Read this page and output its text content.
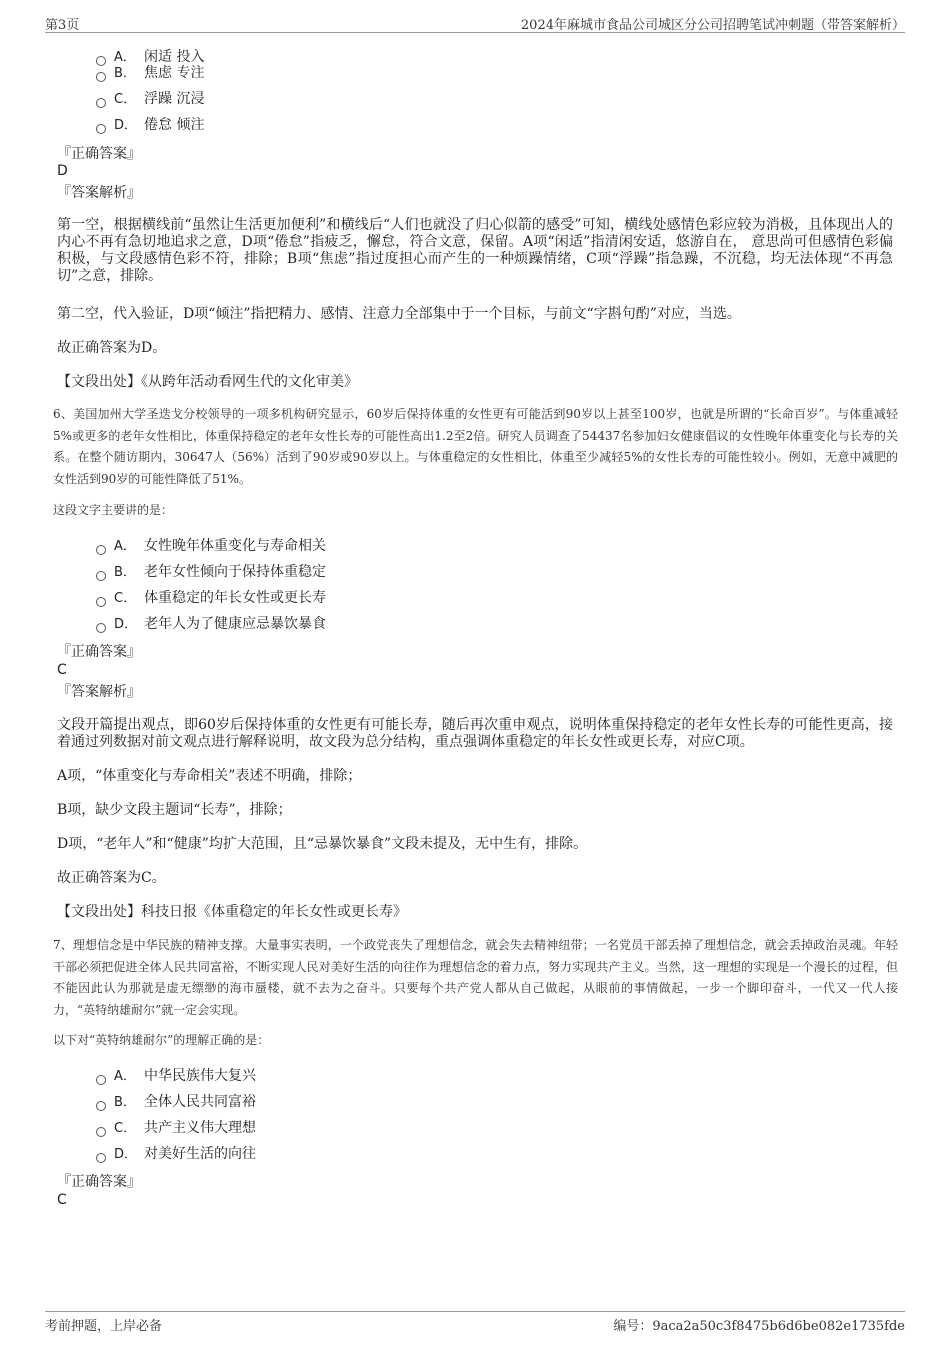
第3页	2024年麻城市食品公司城区分公司招聘笔试冲刺题（带答案解析）
A． 闲适 投入
B． 焦虑 专注
C． 浮躁 沉浸
D． 倦怠 倾注
『正确答案』
D
『答案解析』
第一空，根据横线前“虽然让生活更加便利”和横线后“人们也就没了归心似箭的感受”可知，横线处感情色彩应较为消极，且体现出人的内心不再有急切地追求之意，D项“倦怠”指疲乏，懈怠，符合文意，保留。A项“闲适”指清闲安适，悠游自在， 意思尚可但感情色彩偏积极，与文段感情色彩不符，排除；B项“焦虑”指过度担心而产生的一种烦躁情绪，C项“浮躁”指急躁，不沉稳，均无法体现“不再急切”之意，排除。
第二空，代入验证，D项“倾注”指把精力、感情、注意力全部集中于一个目标，与前文“字斟句酌”对应，当选。
故正确答案为D。
【文段出处】《从跨年活动看网生代的文化审美》
6、美国加州大学圣迭戈分校领导的一项多机构研究显示，60岁后保持体重的女性更有可能活到90岁以上甚至100岁，也就是所谓的“长命百岁”。与体重减轻5%或更多的老年女性相比，体重保持稳定的老年女性长寿的可能性高出1.2至2倍。研究人员调查了54437名参加妇女健康倡议的女性晚年体重变化与长寿的关系。在整个随访期内，30647人（56%）活到了90岁或90岁以上。与体重稳定的女性相比，体重至少减轻5%的女性长寿的可能性较小。例如，无意中减肥的女性活到90岁的可能性降低了51%。
这段文字主要讲的是：
A． 女性晚年体重变化与寿命相关
B． 老年女性倾向于保持体重稳定
C． 体重稳定的年长女性或更长寿
D． 老年人为了健康应忌暴饮暴食
『正确答案』
C
『答案解析』
文段开篇提出观点，即60岁后保持体重的女性更有可能长寿，随后再次重申观点，说明体重保持稳定的老年女性长寿的可能性更高，接着通过列数据对前文观点进行解释说明，故文段为总分结构，重点强调体重稳定的年长女性或更长寿，对应C项。
A项，“体重变化与寿命相关”表述不明确，排除；
B项，缺少文段主题词“长寿”，排除；
D项，“老年人”和“健康”均扩大范围，且“忌暴饮暴食”文段未提及，无中生有，排除。
故正确答案为C。
【文段出处】科技日报《体重稳定的年长女性或更长寿》
7、理想信念是中华民族的精神支撑。大量事实表明，一个政党丧失了理想信念，就会失去精神纽带；一名党员干部丢掉了理想信念，就会丢掉政治灵魂。年轻干部必须把促进全体人民共同富裕，不断实现人民对美好生活的向往作为理想信念的着力点，努力实现共产主义。当然，这一理想的实现是一个漫长的过程，但不能因此认为那就是虚无缥缈的海市蜃楼，就不去为之奋斗。只要每个共产党人都从自己做起，从眼前的事情做起，一步一个脚印奋斗，一代又一代人接力，“英特纳雄耐尔”就一定会实现。
以下对“英特纳雄耐尔”的理解正确的是：
A． 中华民族伟大复兴
B． 全体人民共同富裕
C． 共产主义伟大理想
D． 对美好生活的向往
『正确答案』
C
考前押题，上岸必备	编号：9aca2a50c3f8475b6d6be082e1735fde
